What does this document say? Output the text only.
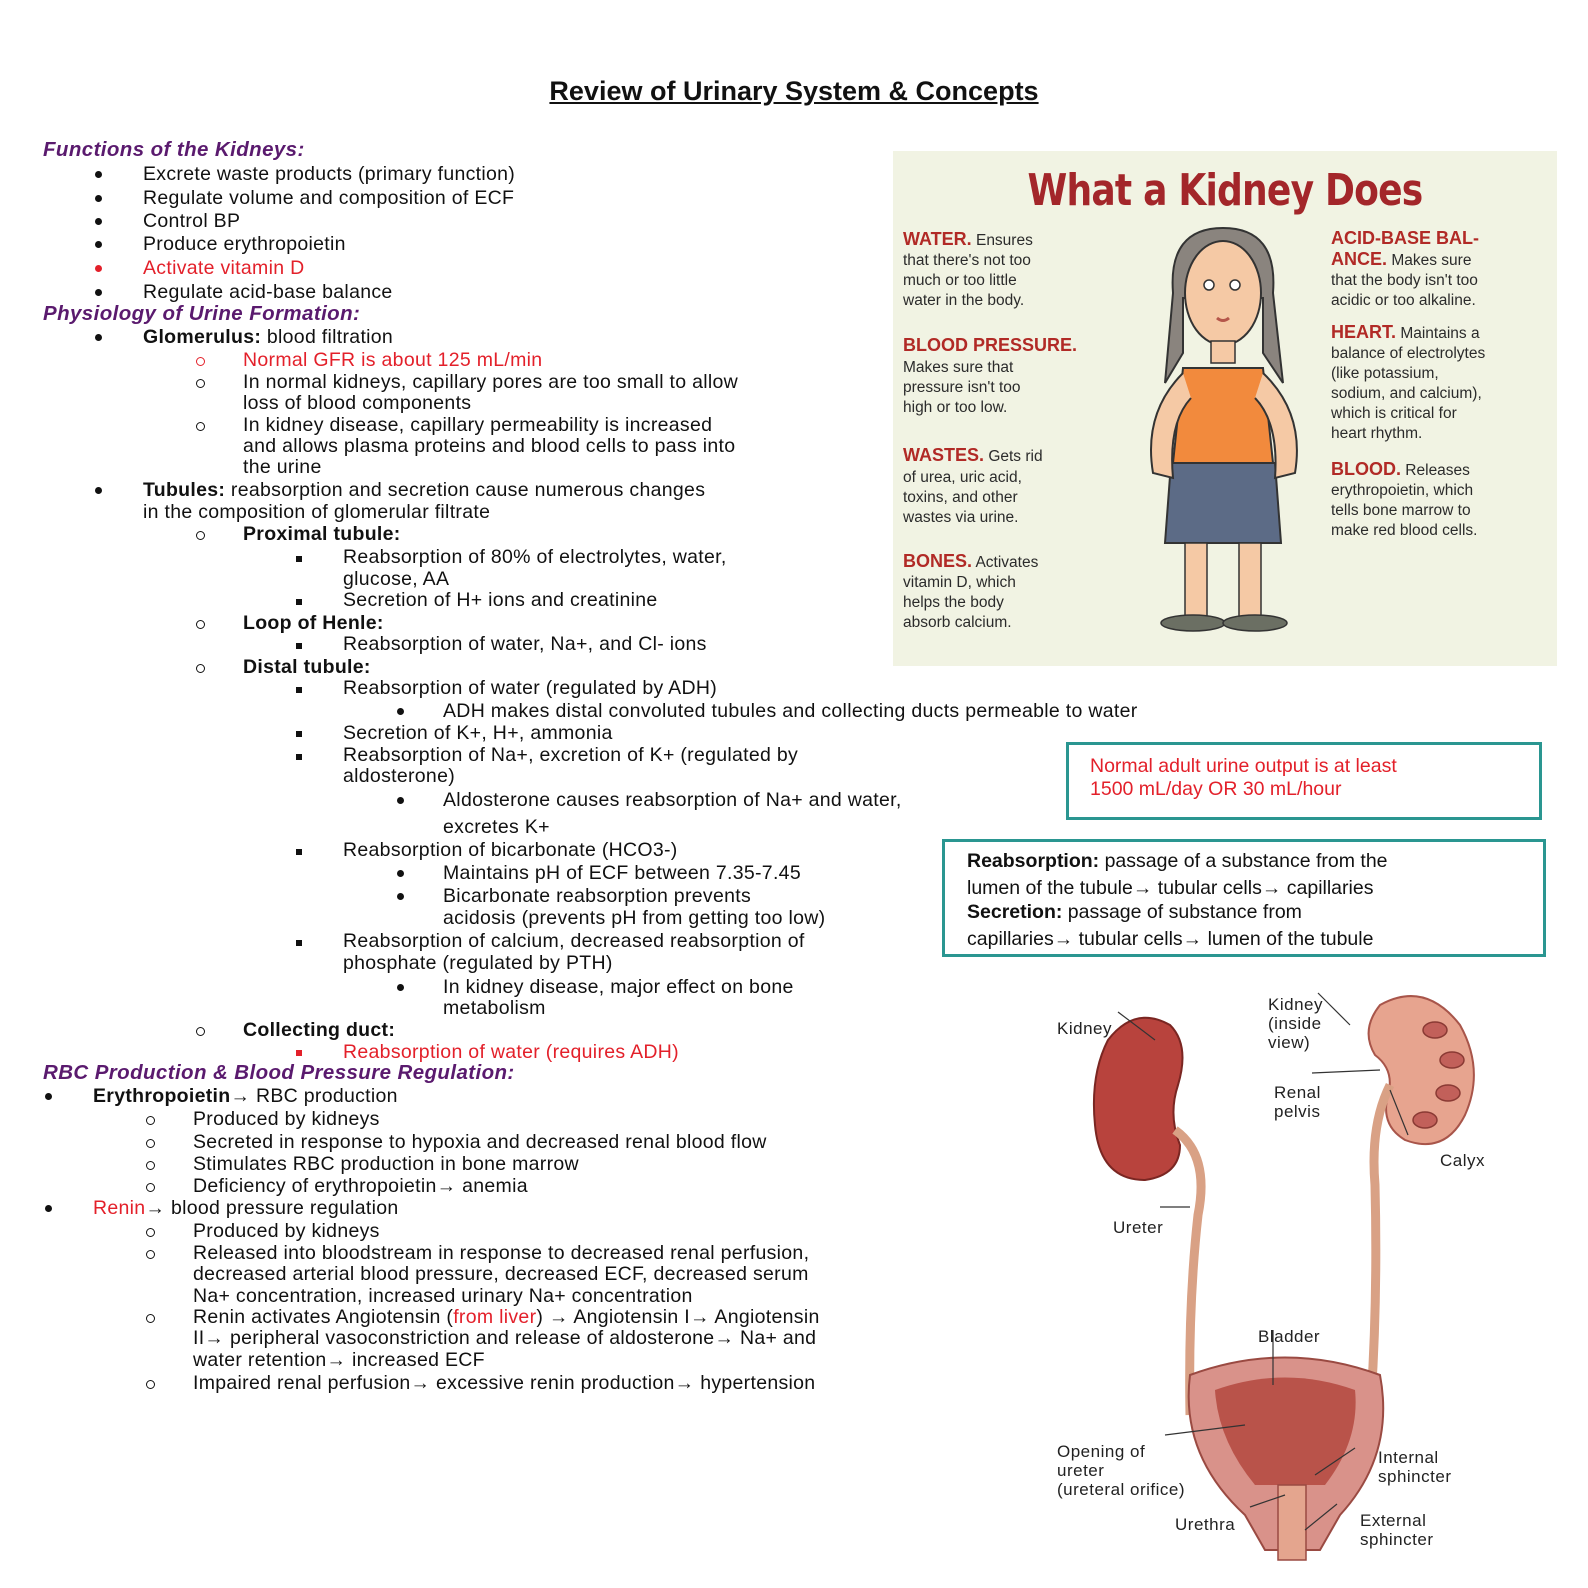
Review of Urinary System & Concepts
Functions of the Kidneys:
Excrete waste products (primary function)
Regulate volume and composition of ECF
Control BP
Produce erythropoietin
Activate vitamin D
Regulate acid-base balance
Physiology of Urine Formation:
Glomerulus: blood filtration
Normal GFR is about 125 mL/min
In normal kidneys, capillary pores are too small to allow
loss of blood components
In kidney disease, capillary permeability is increased
and allows plasma proteins and blood cells to pass into
the urine
Tubules: reabsorption and secretion cause numerous changes
in the composition of glomerular filtrate
Proximal tubule:
Reabsorption of 80% of electrolytes, water,
glucose, AA
Secretion of H+ ions and creatinine
Loop of Henle:
Reabsorption of water, Na+, and Cl- ions
Distal tubule:
Reabsorption of water (regulated by ADH)
ADH makes distal convoluted tubules and collecting ducts permeable to water
Secretion of K+, H+, ammonia
Reabsorption of Na+, excretion of K+ (regulated by
aldosterone)
Aldosterone causes reabsorption of Na+ and water,
excretes K+
Reabsorption of bicarbonate (HCO3-)
Maintains pH of ECF between 7.35-7.45
Bicarbonate reabsorption prevents
acidosis (prevents pH from getting too low)
Reabsorption of calcium, decreased reabsorption of
phosphate (regulated by PTH)
In kidney disease, major effect on bone
metabolism
Collecting duct:
Reabsorption of water (requires ADH)
RBC Production & Blood Pressure Regulation:
Erythropoietin→ RBC production
Produced by kidneys
Secreted in response to hypoxia and decreased renal blood flow
Stimulates RBC production in bone marrow
Deficiency of erythropoietin→ anemia
Renin→ blood pressure regulation
Produced by kidneys
Released into bloodstream in response to decreased renal perfusion,
decreased arterial blood pressure, decreased ECF, decreased serum
Na+ concentration, increased urinary Na+ concentration
Renin activates Angiotensin (from liver) → Angiotensin I→ Angiotensin
II→ peripheral vasoconstriction and release of aldosterone→ Na+ and
water retention→ increased ECF
Impaired renal perfusion→ excessive renin production→ hypertension
What a Kidney Does
WATER. Ensures
that there's not too
much or too little
water in the body.
BLOOD PRESSURE.
Makes sure that
pressure isn't too
high or too low.
WASTES. Gets rid
of urea, uric acid,
toxins, and other
wastes via urine.
BONES. Activates
vitamin D, which
helps the body
absorb calcium.
ACID-BASE BAL-
ANCE. Makes sure
that the body isn't too
acidic or too alkaline.
HEART. Maintains a
balance of electrolytes
(like potassium,
sodium, and calcium),
which is critical for
heart rhythm.
BLOOD. Releases
erythropoietin, which
tells bone marrow to
make red blood cells.
Normal adult urine output is at least
1500 mL/day OR 30 mL/hour
Reabsorption: passage of a substance from the
lumen of the tubule→ tubular cells→ capillaries
Secretion: passage of substance from
capillaries→ tubular cells→ lumen of the tubule
Kidney
Kidney
(inside
view)
Renal
pelvis
Calyx
Ureter
Bladder
Opening of
ureter
(ureteral orifice)
Internal
sphincter
Urethra	External
sphincter
